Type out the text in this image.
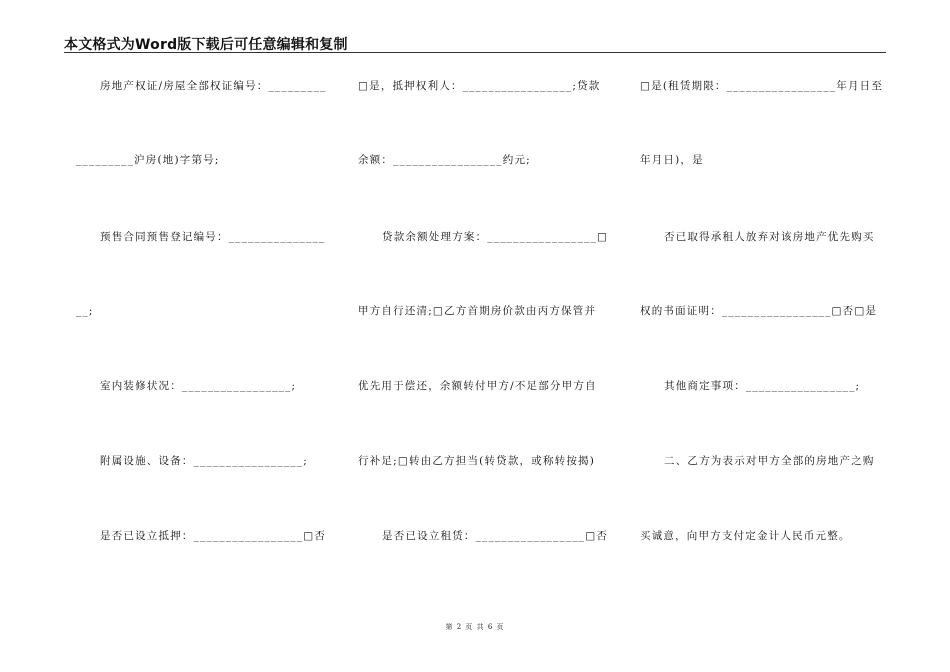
本文格式为Word版下载后可任意编辑和复制
房地产权证/房屋全部权证编号：_________
_________沪房(地)字第号;
预售合同预售登记编号：_______________
__;
室内装修状况：_________________;
附属设施、设备：_________________;
是否已设立抵押：_________________□否
□是，抵押权利人：_________________;贷款
余额：_________________约元;
贷款余额处理方案：_________________□
甲方自行还清;□乙方首期房价款由丙方保管并
优先用于偿还，余额转付甲方/不足部分甲方自
行补足;□转由乙方担当(转贷款，或称转按揭)
是否已设立租赁：_________________□否
□是(租赁期限：_________________年月日至
年月日)，是
否已取得承租人放弃对该房地产优先购买
权的书面证明：_________________□否□是
其他商定事项：_________________;
二、乙方为表示对甲方全部的房地产之购
买诚意，向甲方支付定金计人民币元整。
第 2 页 共 6 页
